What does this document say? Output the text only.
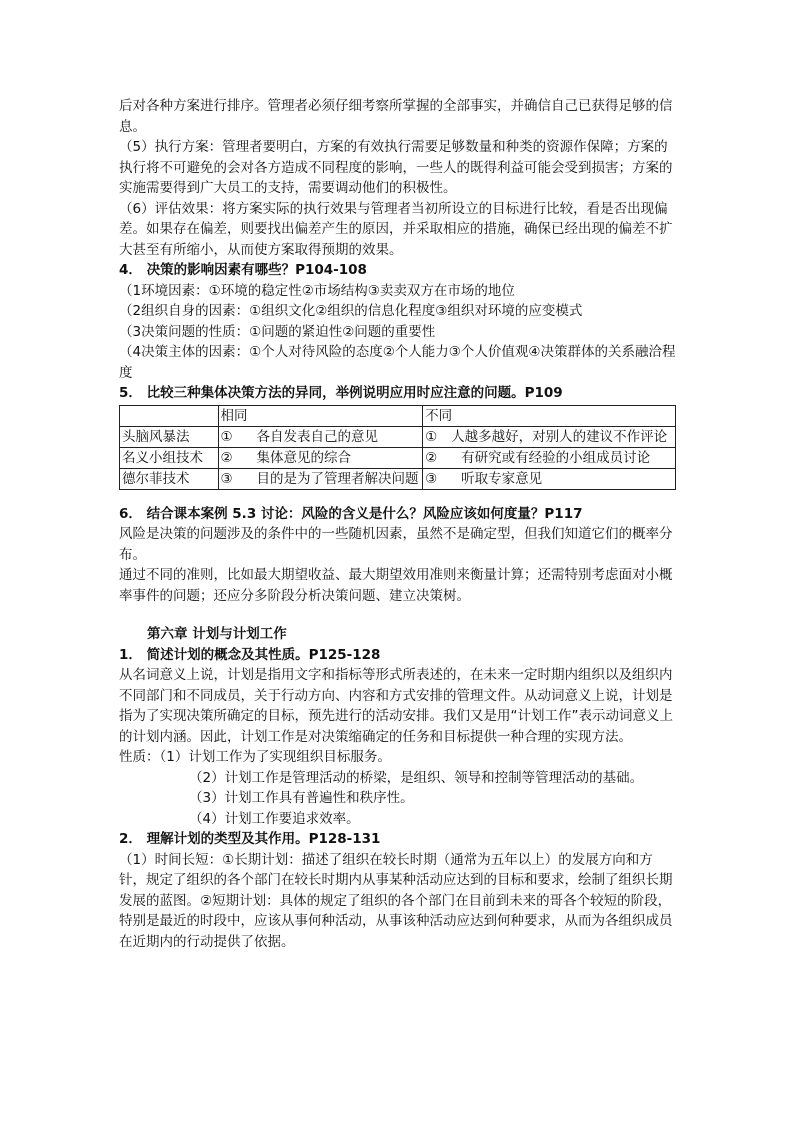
后对各种方案进行排序。管理者必须仔细考察所掌握的全部事实，并确信自己已获得足够的信息。

（5）执行方案：管理者要明白，方案的有效执行需要足够数量和种类的资源作保障；方案的执行将不可避免的会对各方造成不同程度的影响，一些人的既得利益可能会受到损害；方案的实施需要得到广大员工的支持，需要调动他们的积极性。

（6）评估效果：将方案实际的执行效果与管理者当初所设立的目标进行比较，看是否出现偏差。如果存在偏差，则要找出偏差产生的原因，并采取相应的措施，确保已经出现的偏差不扩大甚至有所缩小，从而使方案取得预期的效果。

4． 决策的影响因素有哪些？P104-108

（1环境因素：①环境的稳定性②市场结构③卖卖双方在市场的地位

（2组织自身的因素：①组织文化②组织的信息化程度③组织对环境的应变模式

（3决策问题的性质：①问题的紧迫性②问题的重要性

（4决策主体的因素：①个人对待风险的态度②个人能力③个人价值观④决策群体的关系融洽程度

5． 比较三种集体决策方法的异同，举例说明应用时应注意的问题。P109

	相同	不同
头脑风暴法	① 各自发表自己的意见	① 人越多越好，对别人的建议不作评论
名义小组技术	② 集体意见的综合	② 有研究或有经验的小组成员讨论
德尔菲技术	③ 目的是为了管理者解决问题	③ 听取专家意见

6． 结合课本案例 5.3 讨论：风险的含义是什么？风险应该如何度量？P117

风险是决策的问题涉及的条件中的一些随机因素，虽然不是确定型，但我们知道它们的概率分布。

通过不同的准则，比如最大期望收益、最大期望效用准则来衡量计算；还需特别考虑面对小概率事件的问题；还应分多阶段分析决策问题、建立决策树。

第六章 计划与计划工作

1． 简述计划的概念及其性质。P125-128

从名词意义上说，计划是指用文字和指标等形式所表述的，在未来一定时期内组织以及组织内不同部门和不同成员，关于行动方向、内容和方式安排的管理文件。从动词意义上说，计划是指为了实现决策所确定的目标，预先进行的活动安排。我们又是用“计划工作”表示动词意义上的计划内涵。因此，计划工作是对决策缩确定的任务和目标提供一种合理的实现方法。

性质：（1）计划工作为了实现组织目标服务。

（2）计划工作是管理活动的桥梁，是组织、领导和控制等管理活动的基础。

（3）计划工作具有普遍性和秩序性。

（4）计划工作要追求效率。

2． 理解计划的类型及其作用。P128-131

（1）时间长短：①长期计划：描述了组织在较长时期（通常为五年以上）的发展方向和方针，规定了组织的各个部门在较长时期内从事某种活动应达到的目标和要求，绘制了组织长期发展的蓝图。②短期计划：具体的规定了组织的各个部门在目前到未来的哥各个较短的阶段，特别是最近的时段中，应该从事何种活动，从事该种活动应达到何种要求，从而为各组织成员在近期内的行动提供了依据。
